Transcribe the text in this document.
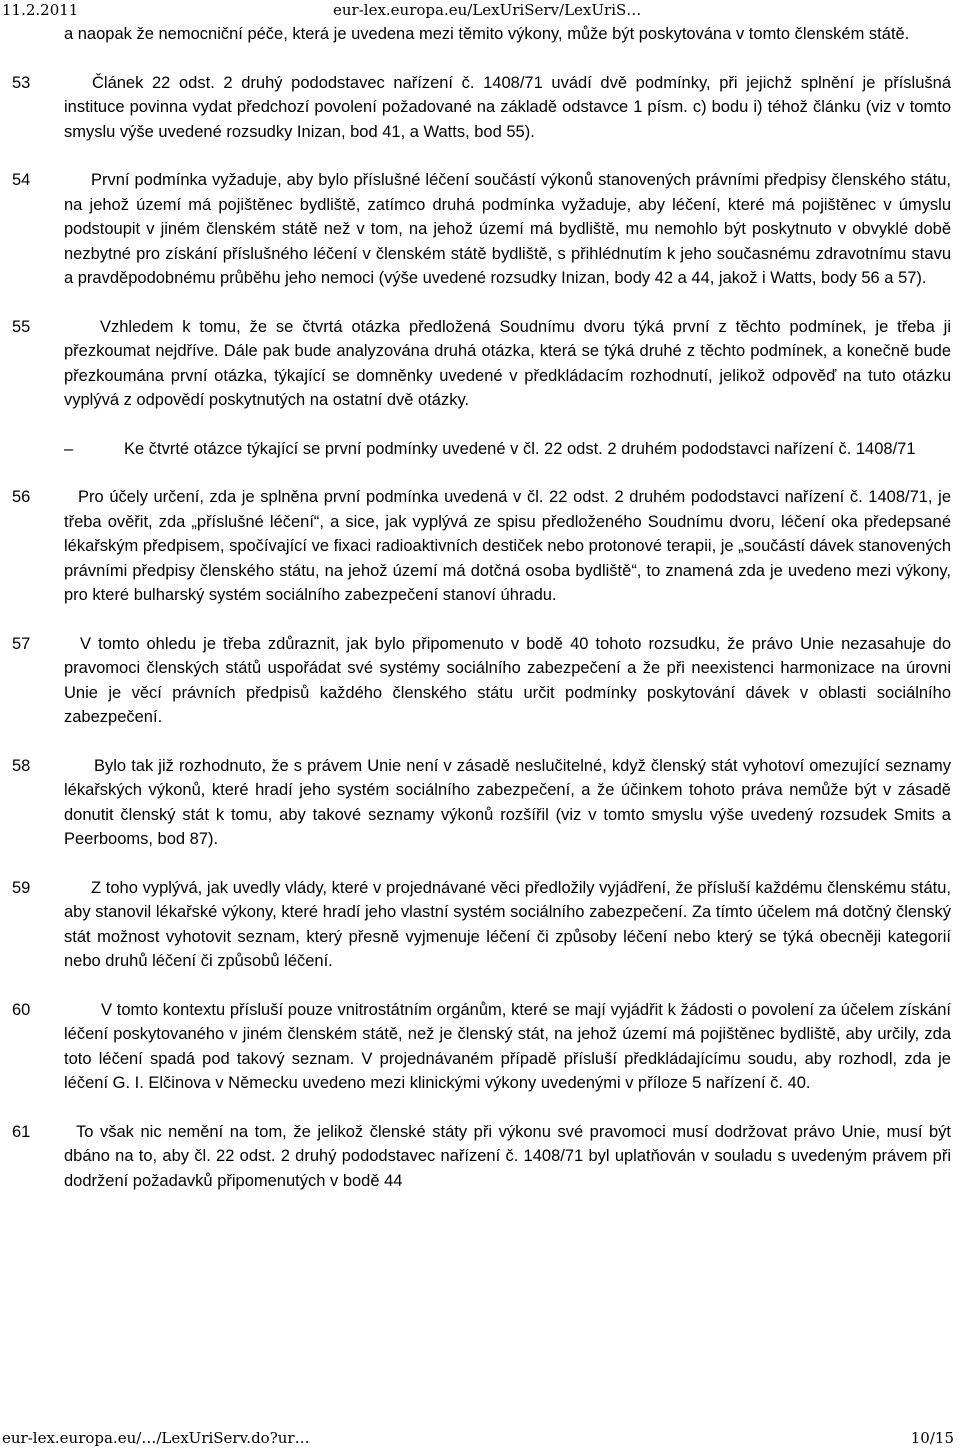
11.2.2011	eur-lex.europa.eu/LexUriServ/LexUriS…
a naopak že nemocniční péče, která je uvedena mezi těmito výkony, může být poskytována v tomto členském státě.
53	Článek 22 odst. 2 druhý pododstavec nařízení č. 1408/71 uvádí dvě podmínky, při jejichž splnění je příslušná instituce povinna vydat předchozí povolení požadované na základě odstavce 1 písm. c) bodu i) téhož článku (viz v tomto smyslu výše uvedené rozsudky Inizan, bod 41, a Watts, bod 55).
54	První podmínka vyžaduje, aby bylo příslušné léčení součástí výkonů stanovených právními předpisy členského státu, na jehož území má pojištěnec bydliště, zatímco druhá podmínka vyžaduje, aby léčení, které má pojištěnec v úmyslu podstoupit v jiném členském státě než v tom, na jehož území má bydliště, mu nemohlo být poskytnuto v obvyklé době nezbytné pro získání příslušného léčení v členském státě bydliště, s přihlédnutím k jeho současnému zdravotnímu stavu a pravděpodobnému průběhu jeho nemoci (výše uvedené rozsudky Inizan, body 42 a 44, jakož i Watts, body 56 a 57).
55	Vzhledem k tomu, že se čtvrtá otázka předložená Soudnímu dvoru týká první z těchto podmínek, je třeba ji přezkoumat nejdříve. Dále pak bude analyzována druhá otázka, která se týká druhé z těchto podmínek, a konečně bude přezkoumána první otázka, týkající se domněnky uvedené v předkládacím rozhodnutí, jelikož odpověď na tuto otázku vyplývá z odpovědí poskytnutých na ostatní dvě otázky.
–	Ke čtvrté otázce týkající se první podmínky uvedené v čl. 22 odst. 2 druhém pododstavci nařízení č. 1408/71
56	Pro účely určení, zda je splněna první podmínka uvedená v čl. 22 odst. 2 druhém pododstavci nařízení č. 1408/71, je třeba ověřit, zda „příslušné léčení“, a sice, jak vyplývá ze spisu předloženého Soudnímu dvoru, léčení oka předepsané lékařským předpisem, spočívající ve fixaci radioaktivních destiček nebo protonové terapii, je „součástí dávek stanovených právními předpisy členského státu, na jehož území má dotčná osoba bydliště“, to znamená zda je uvedeno mezi výkony, pro které bulharský systém sociálního zabezpečení stanoví úhradu.
57	V tomto ohledu je třeba zdůraznit, jak bylo připomenuto v bodě 40 tohoto rozsudku, že právo Unie nezasahuje do pravomoci členských států uspořádat své systémy sociálního zabezpečení a že při neexistenci harmonizace na úrovni Unie je věcí právních předpisů každého členského státu určit podmínky poskytování dávek v oblasti sociálního zabezpečení.
58	Bylo tak již rozhodnuto, že s právem Unie není v zásadě neslučitelné, když členský stát vyhotoví omezující seznamy lékařských výkonů, které hradí jeho systém sociálního zabezpečení, a že účinkem tohoto práva nemůže být v zásadě donutit členský stát k tomu, aby takové seznamy výkonů rozšířil (viz v tomto smyslu výše uvedený rozsudek Smits a Peerbooms, bod 87).
59	Z toho vyplývá, jak uvedly vlády, které v projednávané věci předložily vyjádření, že přísluší každému členskému státu, aby stanovil lékařské výkony, které hradí jeho vlastní systém sociálního zabezpečení. Za tímto účelem má dotčný členský stát možnost vyhotovit seznam, který přesně vyjmenuje léčení či způsoby léčení nebo který se týká obecněji kategorií nebo druhů léčení či způsobů léčení.
60	V tomto kontextu přísluší pouze vnitrostátním orgánům, které se mají vyjádřit k žádosti o povolení za účelem získání léčení poskytovaného v jiném členském státě, než je členský stát, na jehož území má pojištěnec bydliště, aby určily, zda toto léčení spadá pod takový seznam. V projednávaném případě přísluší předkládajícímu soudu, aby rozhodl, zda je léčení G. I. Elčinova v Německu uvedeno mezi klinickými výkony uvedenými v příloze 5 nařízení č. 40.
61	To však nic nemění na tom, že jelikož členské státy při výkonu své pravomoci musí dodržovat právo Unie, musí být dbáno na to, aby čl. 22 odst. 2 druhý pododstavec nařízení č. 1408/71 byl uplatňován v souladu s uvedeným právem při dodržení požadavků připomenutých v bodě 44
eur-lex.europa.eu/…/LexUriServ.do?ur…	10/15
